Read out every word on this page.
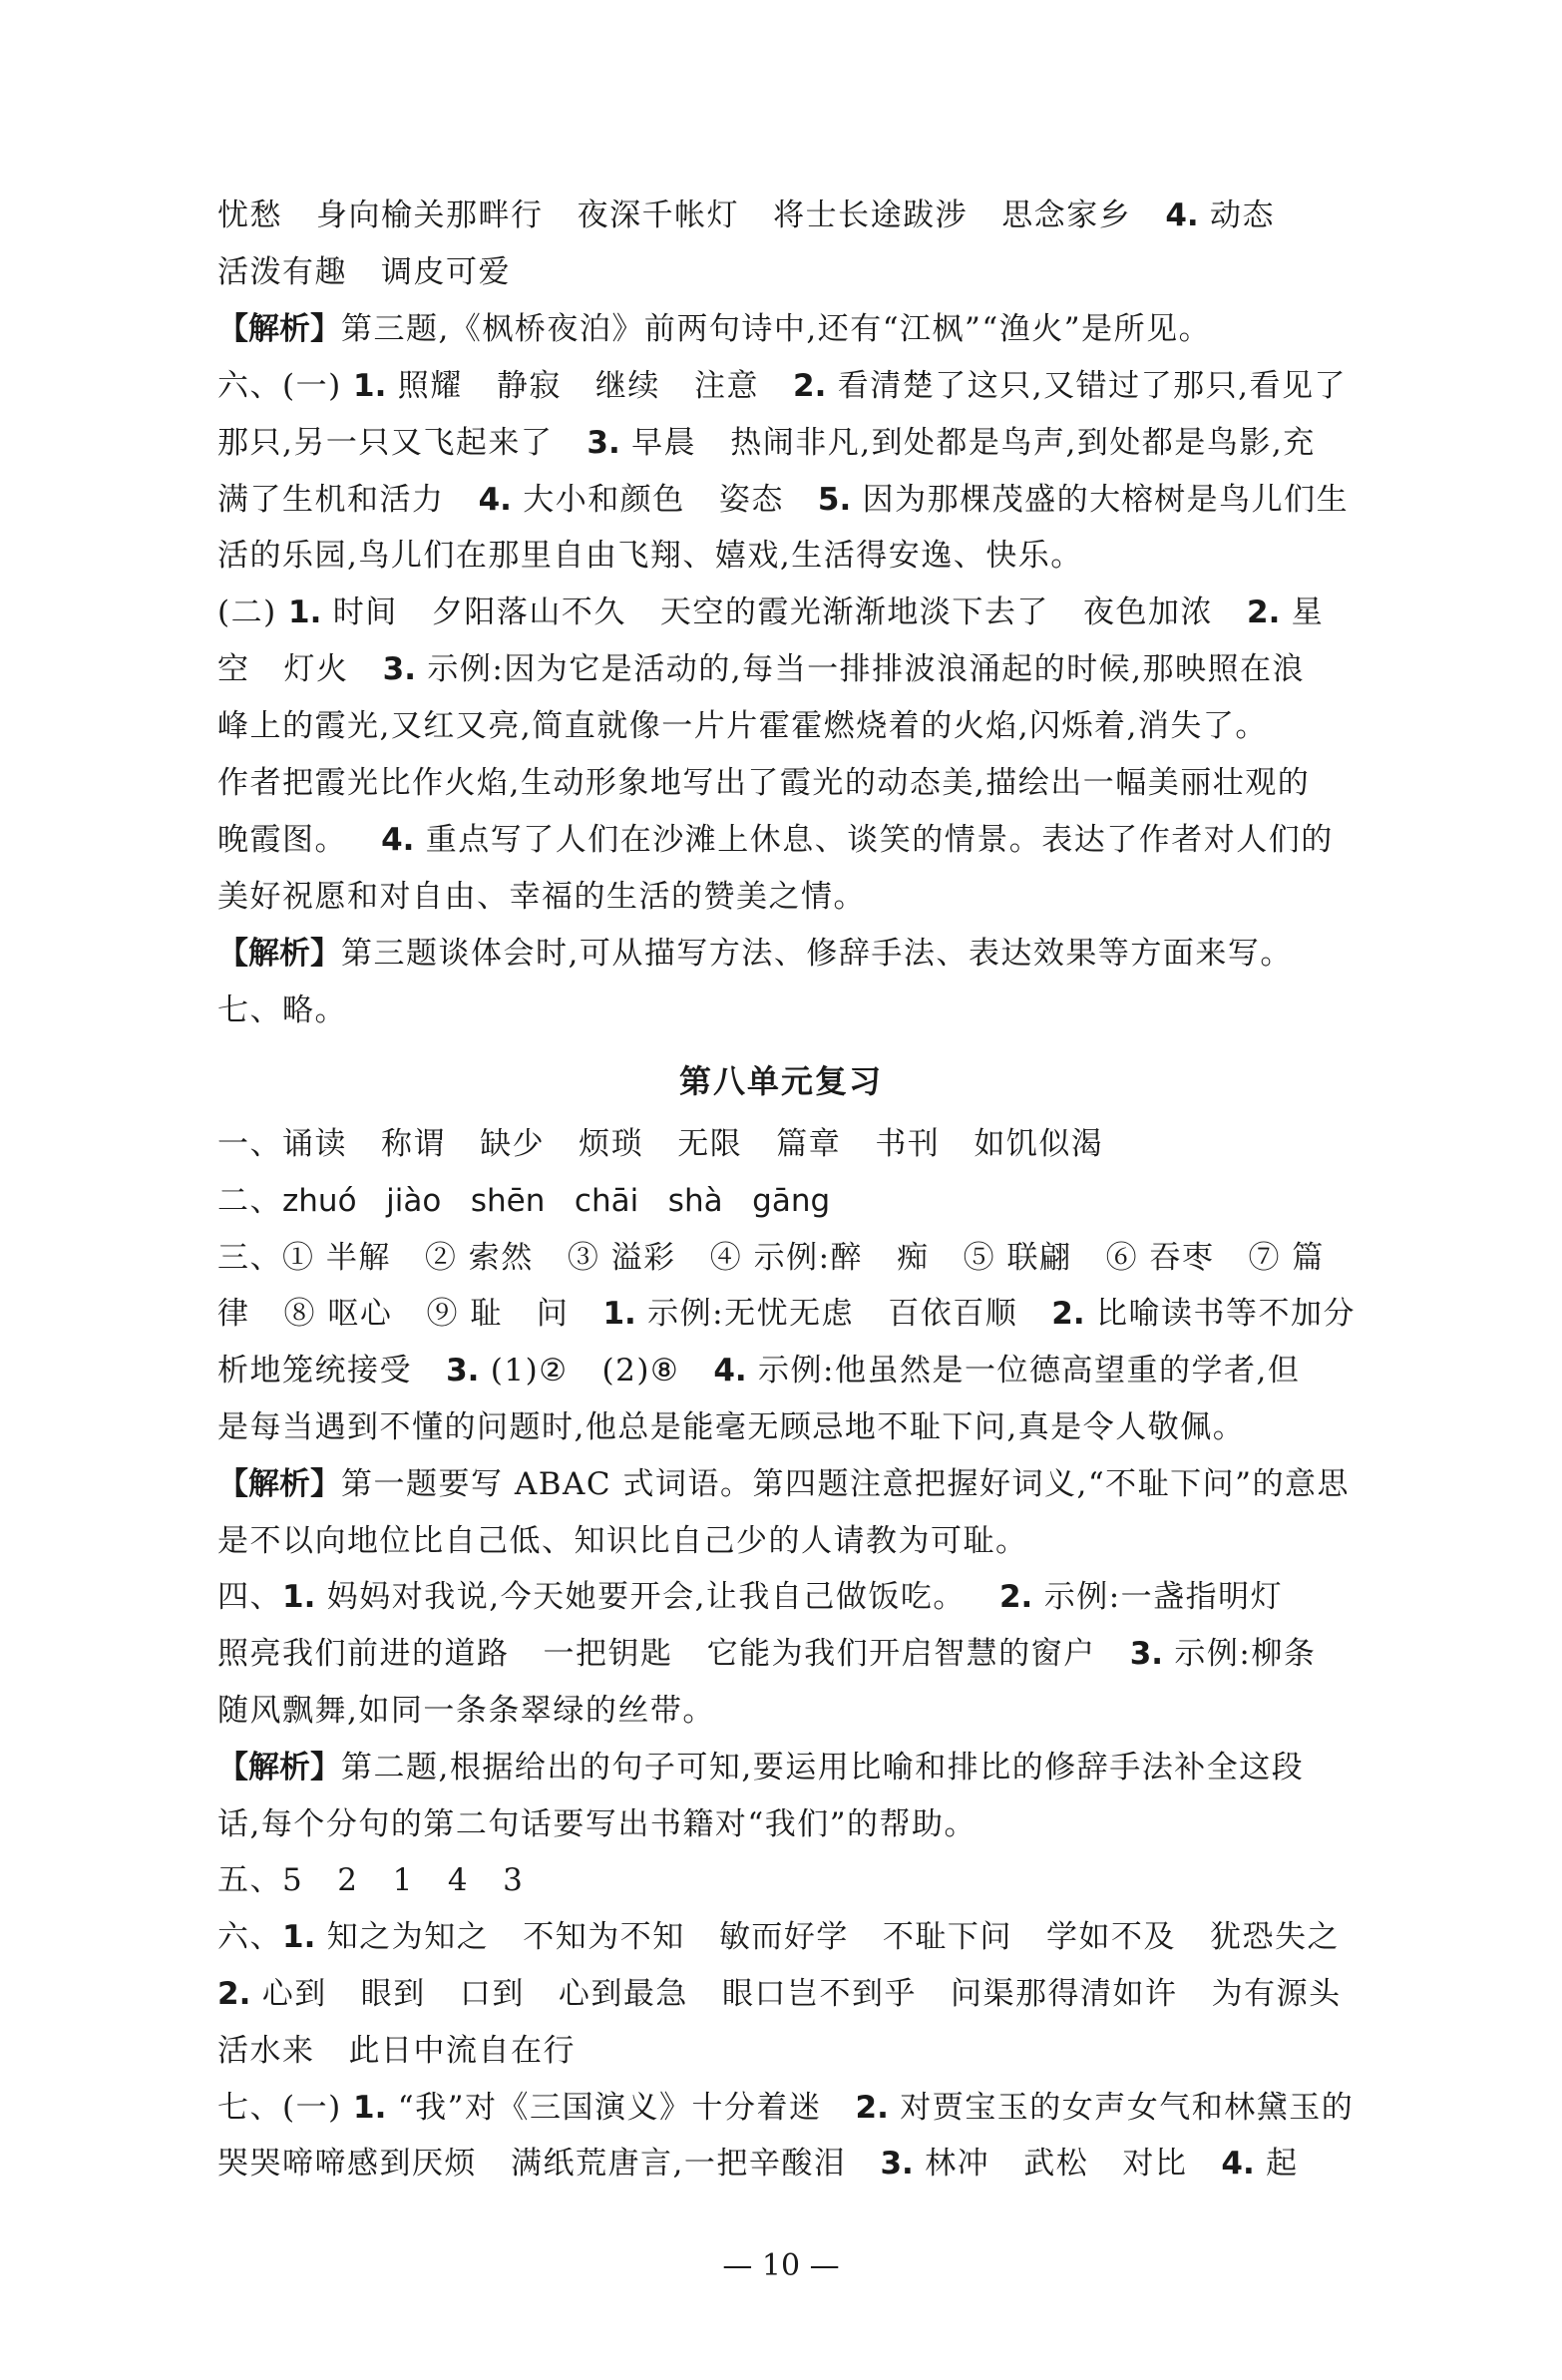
忧愁   身向榆关那畔行   夜深千帐灯   将士长途跋涉   思念家乡   4. 动态
活泼有趣   调皮可爱
【解析】第三题,《枫桥夜泊》前两句诗中,还有“江枫”“渔火”是所见。
六、(一) 1. 照耀   静寂   继续   注意   2. 看清楚了这只,又错过了那只,看见了
那只,另一只又飞起来了 3. 早晨   热闹非凡,到处都是鸟声,到处都是鸟影,充
满了生机和活力   4. 大小和颜色   姿态   5. 因为那棵茂盛的大榕树是鸟儿们生
活的乐园,鸟儿们在那里自由飞翔、嬉戏,生活得安逸、快乐。
(二) 1. 时间   夕阳落山不久   天空的霞光渐渐地淡下去了   夜色加浓   2. 星
空   灯火   3. 示例:因为它是活动的,每当一排排波浪涌起的时候,那映照在浪
峰上的霞光,又红又亮,简直就像一片片霍霍燃烧着的火焰,闪烁着,消失了。
作者把霞光比作火焰,生动形象地写出了霞光的动态美,描绘出一幅美丽壮观的
晚霞图。   4. 重点写了人们在沙滩上休息、谈笑的情景。表达了作者对人们的
美好祝愿和对自由、幸福的生活的赞美之情。
【解析】第三题谈体会时,可从描写方法、修辞手法、表达效果等方面来写。
七、略。
第八单元复习
一、诵读   称谓   缺少   烦琐   无限   篇章   书刊   如饥似渴
二、zhuó   jiào   shēn   chāi   shà   gāng
三、① 半解   ② 索然   ③ 溢彩   ④ 示例:醉   痴   ⑤ 联翩   ⑥ 吞枣   ⑦ 篇
律   ⑧ 呕心   ⑨ 耻   问   1. 示例:无忧无虑   百依百顺   2. 比喻读书等不加分
析地笼统接受   3. (1)②   (2)⑧   4. 示例:他虽然是一位德高望重的学者,但
是每当遇到不懂的问题时,他总是能毫无顾忌地不耻下问,真是令人敬佩。
【解析】第一题要写 ABAC 式词语。第四题注意把握好词义,“不耻下问”的意思
是不以向地位比自己低、知识比自己少的人请教为可耻。
四、1. 妈妈对我说,今天她要开会,让我自己做饭吃。   2. 示例:一盏指明灯
照亮我们前进的道路   一把钥匙   它能为我们开启智慧的窗户   3. 示例:柳条
随风飘舞,如同一条条翠绿的丝带。
【解析】第二题,根据给出的句子可知,要运用比喻和排比的修辞手法补全这段
话,每个分句的第二句话要写出书籍对“我们”的帮助。
五、5   2   1   4   3
六、1. 知之为知之   不知为不知   敏而好学   不耻下问   学如不及   犹恐失之
2. 心到   眼到   口到   心到最急   眼口岂不到乎   问渠那得清如许   为有源头
活水来   此日中流自在行
七、(一) 1. “我”对《三国演义》十分着迷   2. 对贾宝玉的女声女气和林黛玉的
哭哭啼啼感到厌烦   满纸荒唐言,一把辛酸泪   3. 林冲   武松   对比   4. 起
— 10 —
